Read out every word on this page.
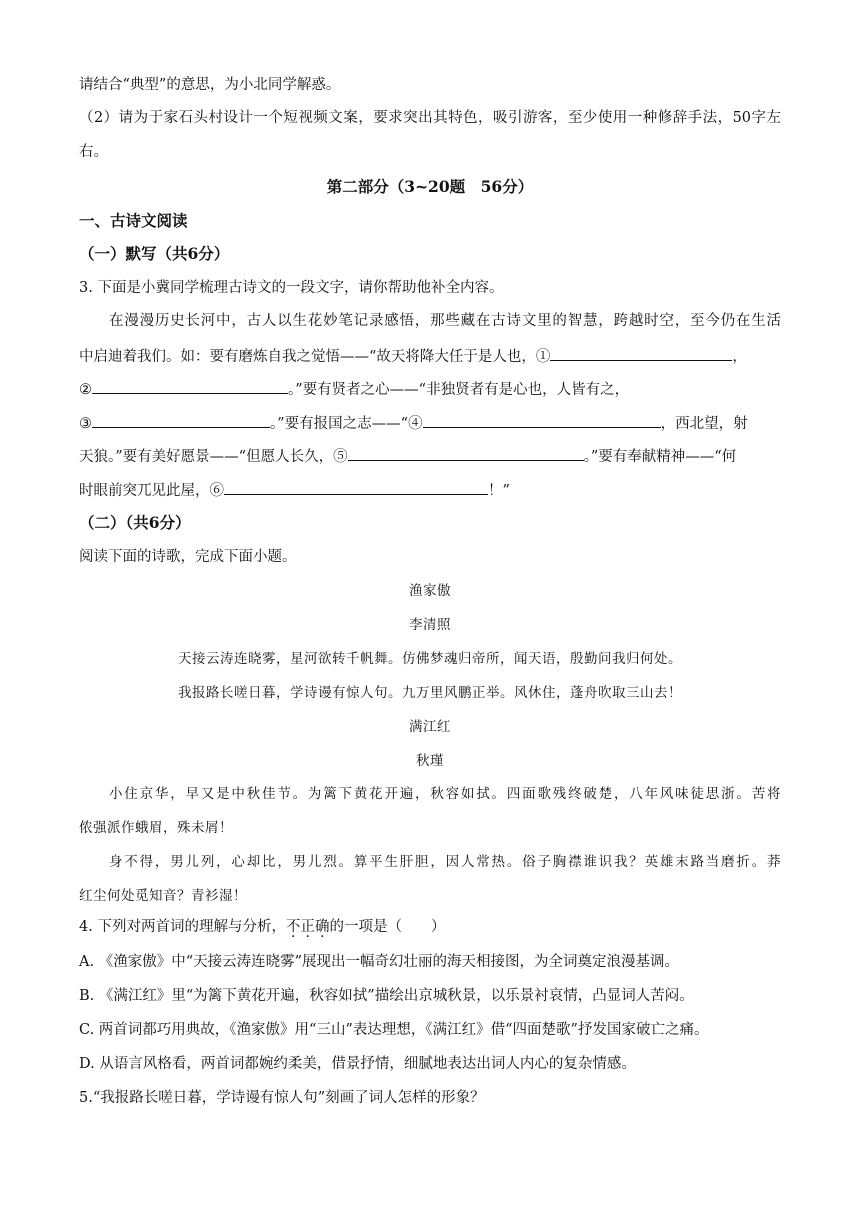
请结合“典型”的意思，为小北同学解惑。
（2）请为于家石头村设计一个短视频文案，要求突出其特色，吸引游客，至少使用一种修辞手法，50字左
右。
第二部分（3~20题　56分）
一、古诗文阅读
（一）默写（共6分）
3. 下面是小冀同学梳理古诗文的一段文字，请你帮助他补全内容。
在漫漫历史长河中，古人以生花妙笔记录感悟，那些藏在古诗文里的智慧，跨越时空，至今仍在生活
中启迪着我们。如：要有磨炼自我之觉悟——“故天将降大任于是人也，①	，
②	。”要有贤者之心——“非独贤者有是心也，人皆有之，
③	。”要有报国之志——“④	，西北望，射
天狼。”要有美好愿景——“但愿人长久，⑤	。”要有奉献精神——“何
时眼前突兀见此屋，⑥	！”
（二）（共6分）
阅读下面的诗歌，完成下面小题。
渔家傲
李清照
天接云涛连晓雾，星河欲转千帆舞。仿佛梦魂归帝所，闻天语，殷勤问我归何处。
我报路长嗟日暮，学诗谩有惊人句。九万里风鹏正举。风休住，蓬舟吹取三山去！
满江红
秋瑾
小住京华，早又是中秋佳节。为篱下黄花开遍，秋容如拭。四面歌残终破楚，八年风味徒思浙。苦将
侬强派作蛾眉，殊未屑！
身不得，男儿列，心却比，男儿烈。算平生肝胆，因人常热。俗子胸襟谁识我？英雄末路当磨折。莽
红尘何处觅知音？青衫湿！
4. 下列对两首词的理解与分析，不正确的一项是（　　）
A. 《渔家傲》中“天接云涛连晓雾”展现出一幅奇幻壮丽的海天相接图，为全词奠定浪漫基调。
B. 《满江红》里“为篱下黄花开遍，秋容如拭”描绘出京城秋景，以乐景衬哀情，凸显词人苦闷。
C. 两首词都巧用典故，《渔家傲》用“三山”表达理想，《满江红》借“四面楚歌”抒发国家破亡之痛。
D. 从语言风格看，两首词都婉约柔美，借景抒情，细腻地表达出词人内心的复杂情感。
5.“我报路长嗟日暮，学诗谩有惊人句”刻画了词人怎样的形象？
